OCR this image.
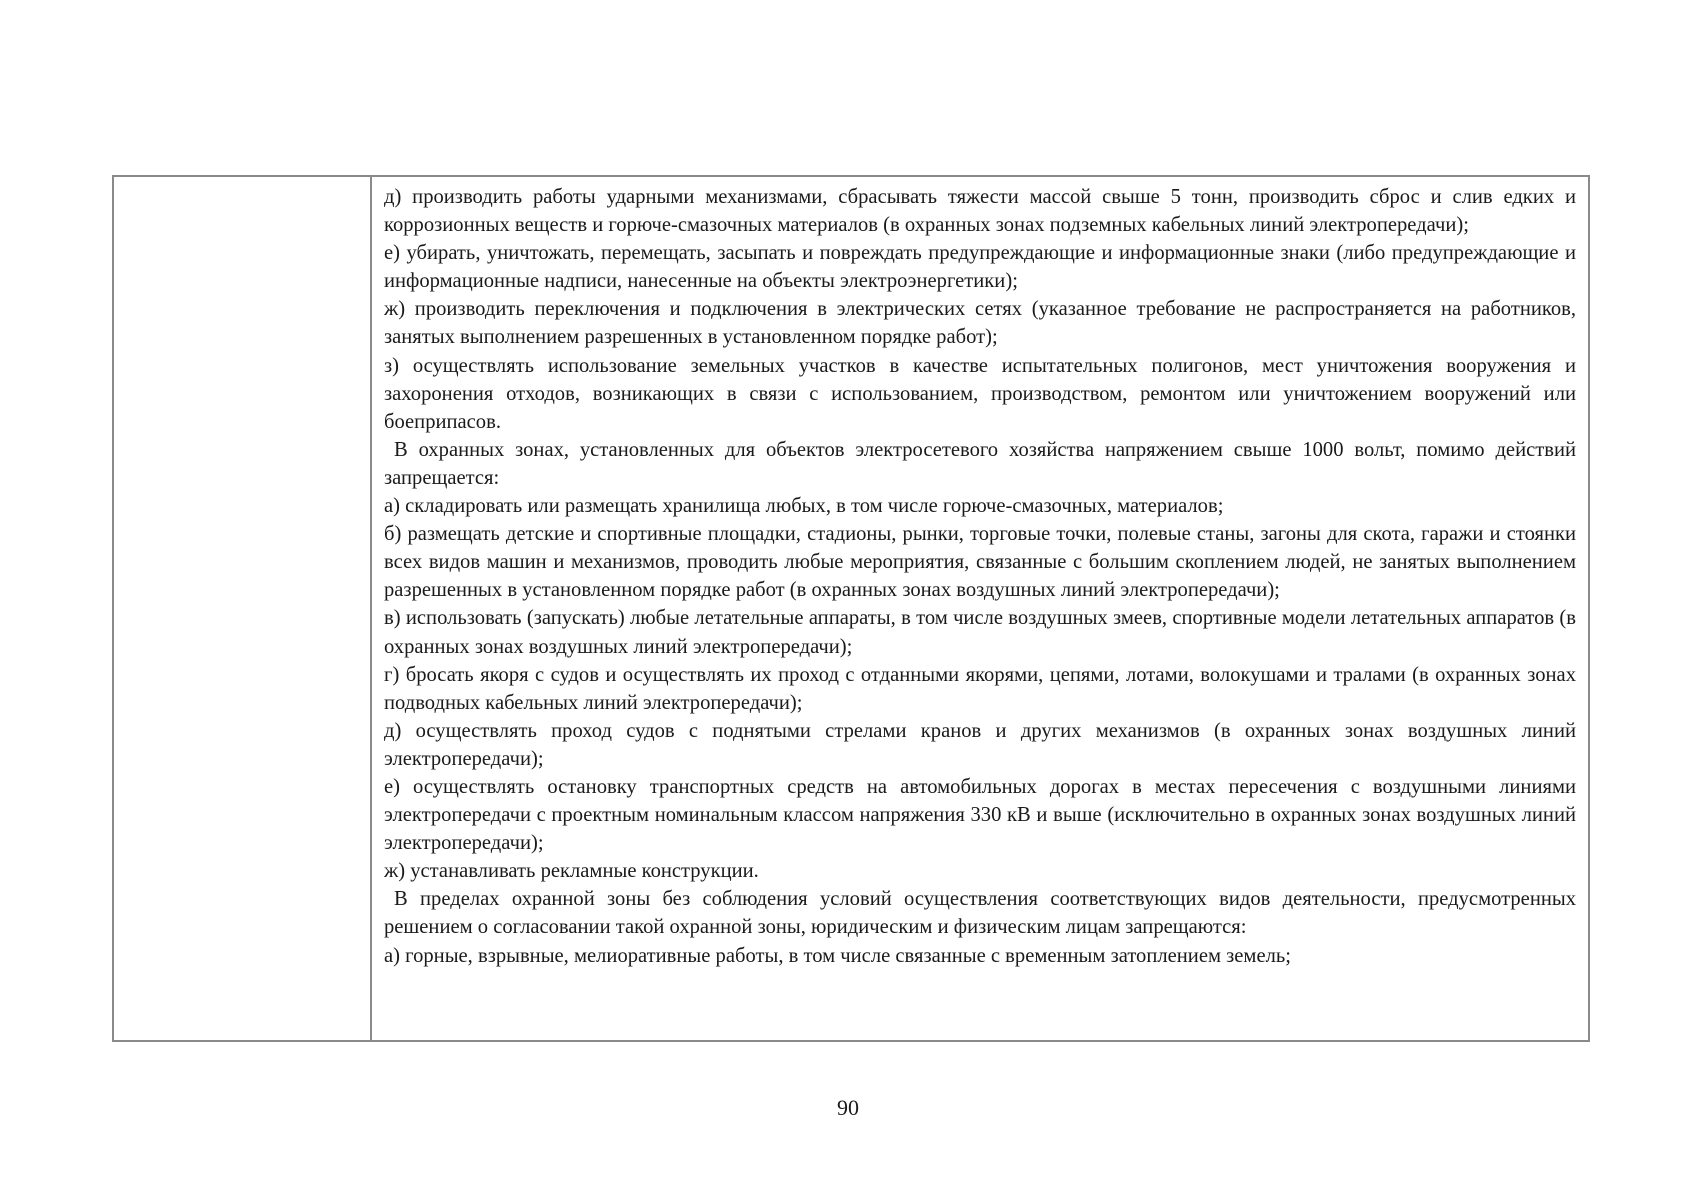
д) производить работы ударными механизмами, сбрасывать тяжести массой свыше 5 тонн, производить сброс и слив едких и коррозионных веществ и горюче-смазочных материалов (в охранных зонах подземных кабельных линий электропередачи);

е) убирать, уничтожать, перемещать, засыпать и повреждать предупреждающие и информационные знаки (либо предупреждающие и информационные надписи, нанесенные на объекты электроэнергетики);

ж) производить переключения и подключения в электрических сетях (указанное требование не распространяется на работников, занятых выполнением разрешенных в установленном порядке работ);

з) осуществлять использование земельных участков в качестве испытательных полигонов, мест уничтожения вооружения и захоронения отходов, возникающих в связи с использованием, производством, ремонтом или уничтожением вооружений или боеприпасов.

В охранных зонах, установленных для объектов электросетевого хозяйства напряжением свыше 1000 вольт, помимо действий запрещается:

а) складировать или размещать хранилища любых, в том числе горюче-смазочных, материалов;

б) размещать детские и спортивные площадки, стадионы, рынки, торговые точки, полевые станы, загоны для скота, гаражи и стоянки всех видов машин и механизмов, проводить любые мероприятия, связанные с большим скоплением людей, не занятых выполнением разрешенных в установленном порядке работ (в охранных зонах воздушных линий электропередачи);

в) использовать (запускать) любые летательные аппараты, в том числе воздушных змеев, спортивные модели летательных аппаратов (в охранных зонах воздушных линий электропередачи);

г) бросать якоря с судов и осуществлять их проход с отданными якорями, цепями, лотами, волокушами и тралами (в охранных зонах подводных кабельных линий электропередачи);

д) осуществлять проход судов с поднятыми стрелами кранов и других механизмов (в охранных зонах воздушных линий электропередачи);

е) осуществлять остановку транспортных средств на автомобильных дорогах в местах пересечения с воздушными линиями электропередачи с проектным номинальным классом напряжения 330 кВ и выше (исключительно в охранных зонах воздушных линий электропередачи);

ж) устанавливать рекламные конструкции.

В пределах охранной зоны без соблюдения условий осуществления соответствующих видов деятельности, предусмотренных решением о согласовании такой охранной зоны, юридическим и физическим лицам запрещаются:

а) горные, взрывные, мелиоративные работы, в том числе связанные с временным затоплением земель;

90
